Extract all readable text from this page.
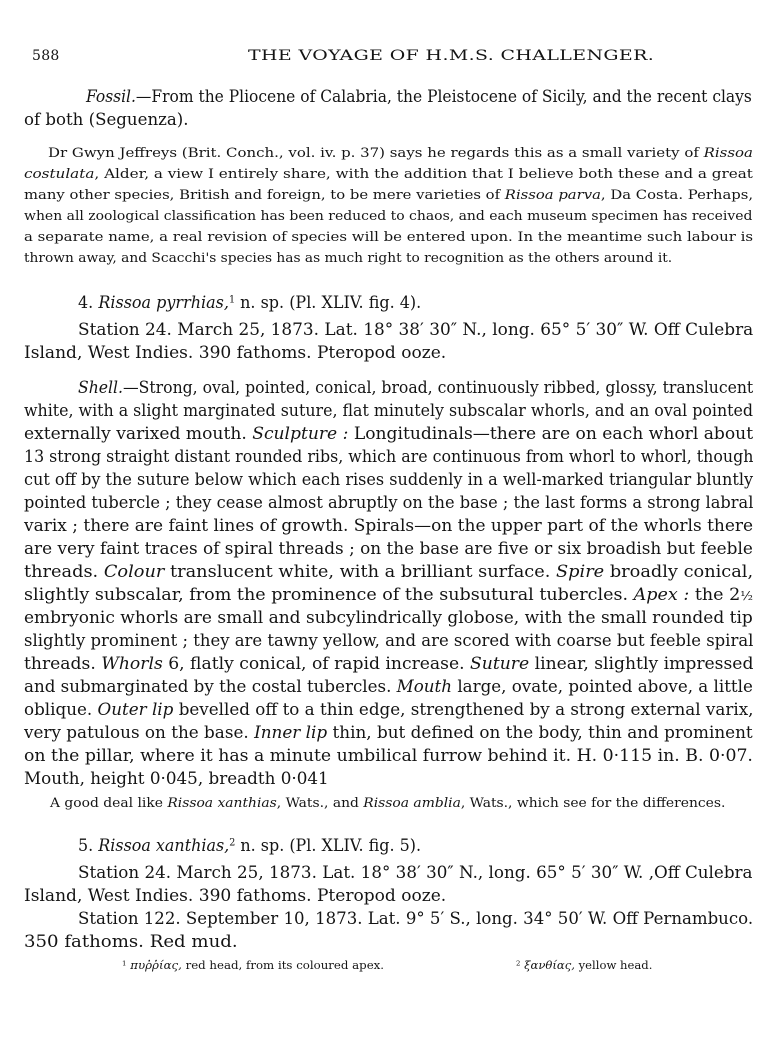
588	THE VOYAGE OF H.M.S. CHALLENGER.
Fossil.—From the Pliocene of Calabria, the Pleistocene of Sicily, and the recent clays
of both (Seguenza).
Dr Gwyn Jeffreys (Brit. Conch., vol. iv. p. 37) says he regards this as a small variety of Rissoa
costulata, Alder, a view I entirely share, with the addition that I believe both these and a great
many other species, British and foreign, to be mere varieties of Rissoa parva, Da Costa. Perhaps,
when all zoological classification has been reduced to chaos, and each museum specimen has received
a separate name, a real revision of species will be entered upon. In the meantime such labour is
thrown away, and Scacchi's species has as much right to recognition as the others around it.
4. Rissoa pyrrhias,$^1$ n. sp. (Pl. XLIV. fig. 4).
Station 24. March 25, 1873. Lat. 18° 38′ 30″ N., long. 65° 5′ 30″ W. Off Culebra
Island, West Indies. 390 fathoms. Pteropod ooze.
Shell.—Strong, oval, pointed, conical, broad, continuously ribbed, glossy, translucent
white, with a slight marginated suture, flat minutely subscalar whorls, and an oval pointed
externally varixed mouth. Sculpture : Longitudinals—there are on each whorl about
13 strong straight distant rounded ribs, which are continuous from whorl to whorl, though
cut off by the suture below which each rises suddenly in a well-marked triangular bluntly
pointed tubercle ; they cease almost abruptly on the base ; the last forms a strong labral
varix ; there are faint lines of growth. Spirals—on the upper part of the whorls there
are very faint traces of spiral threads ; on the base are five or six broadish but feeble
threads. Colour translucent white, with a brilliant surface. Spire broadly conical,
slightly subscalar, from the prominence of the subsutural tubercles. Apex : the 2½
embryonic whorls are small and subcylindrically globose, with the small rounded tip
slightly prominent ; they are tawny yellow, and are scored with coarse but feeble spiral
threads. Whorls 6, flatly conical, of rapid increase. Suture linear, slightly impressed
and submarginated by the costal tubercles. Mouth large, ovate, pointed above, a little
oblique. Outer lip bevelled off to a thin edge, strengthened by a strong external varix,
very patulous on the base. Inner lip thin, but defined on the body, thin and prominent
on the pillar, where it has a minute umbilical furrow behind it. H. 0·115 in. B. 0·07.
Mouth, height 0·045, breadth 0·041
A good deal like Rissoa xanthias, Wats., and Rissoa amblia, Wats., which see for the differences.
5. Rissoa xanthias,$^2$ n. sp. (Pl. XLIV. fig. 5).
Station 24. March 25, 1873. Lat. 18° 38′ 30″ N., long. 65° 5′ 30″ W. ,Off Culebra
Island, West Indies. 390 fathoms. Pteropod ooze.
Station 122. September 10, 1873. Lat. 9° 5′ S., long. 34° 50′ W. Off Pernambuco.
350 fathoms. Red mud.
$^1$ πυῤῥίας, red head, from its coloured apex.	$^2$ ξανθίας, yellow head.
